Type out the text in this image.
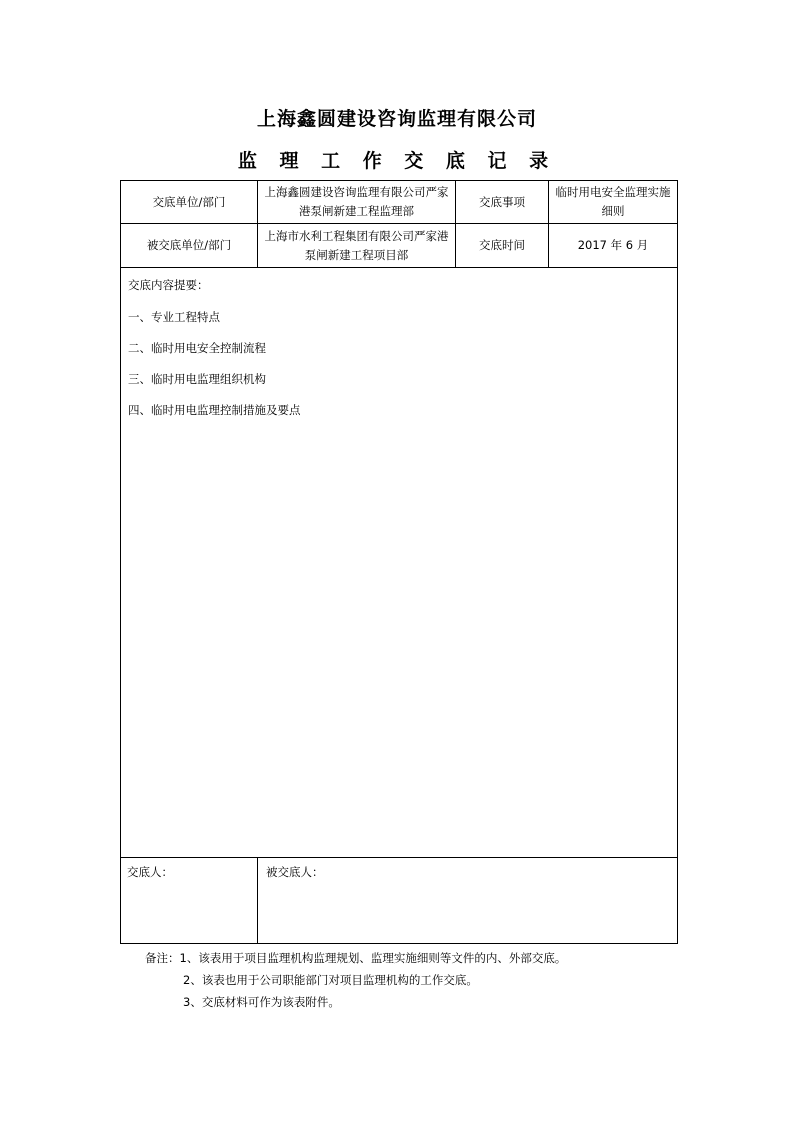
上海鑫圆建设咨询监理有限公司
监 理 工 作 交 底 记 录
交底单位/部门	上海鑫圆建设咨询监理有限公司严家港泵闸新建工程监理部	交底事项	临时用电安全监理实施细则
被交底单位/部门	上海市水利工程集团有限公司严家港泵闸新建工程项目部	交底时间	2017 年 6 月

交底内容提要：
一、专业工程特点
二、临时用电安全控制流程
三、临时用电监理组织机构
四、临时用电监理控制措施及要点			

交底人：	被交底人：		
备注：1、该表用于项目监理机构监理规划、监理实施细则等文件的内、外部交底。
2、该表也用于公司职能部门对项目监理机构的工作交底。
3、交底材料可作为该表附件。
